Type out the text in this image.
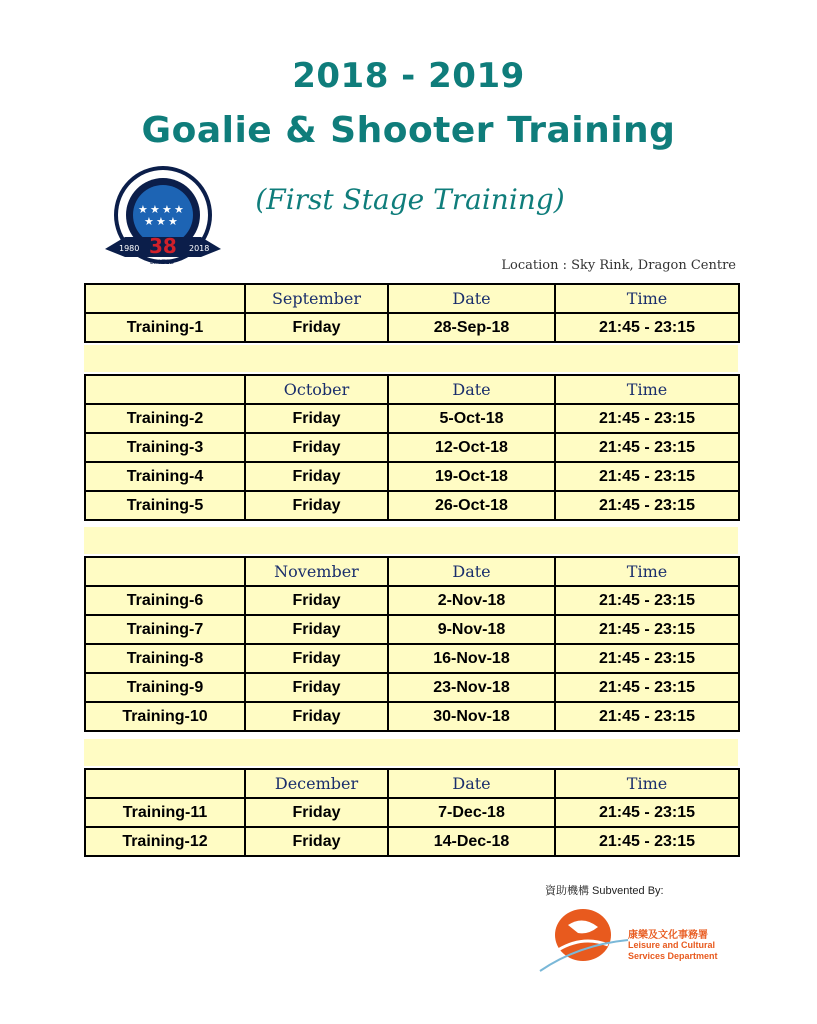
2018 - 2019
Goalie & Shooter Training
★ ★ ★ ★
★ ★ ★
1980	2018
38
LIMITED
(First Stage Training)
Location : Sky Rink, Dragon Centre
	September	Date	Time
Training-1	Friday	28-Sep-18	21:45 - 23:15
	October	Date	Time
Training-2	Friday	5-Oct-18	21:45 - 23:15
Training-3	Friday	12-Oct-18	21:45 - 23:15
Training-4	Friday	19-Oct-18	21:45 - 23:15
Training-5	Friday	26-Oct-18	21:45 - 23:15
	November	Date	Time
Training-6	Friday	2-Nov-18	21:45 - 23:15
Training-7	Friday	9-Nov-18	21:45 - 23:15
Training-8	Friday	16-Nov-18	21:45 - 23:15
Training-9	Friday	23-Nov-18	21:45 - 23:15
Training-10	Friday	30-Nov-18	21:45 - 23:15
	December	Date	Time
Training-11	Friday	7-Dec-18	21:45 - 23:15
Training-12	Friday	14-Dec-18	21:45 - 23:15
資助機構 Subvented By:
康樂及文化事務署
Leisure and Cultural
Services Department
